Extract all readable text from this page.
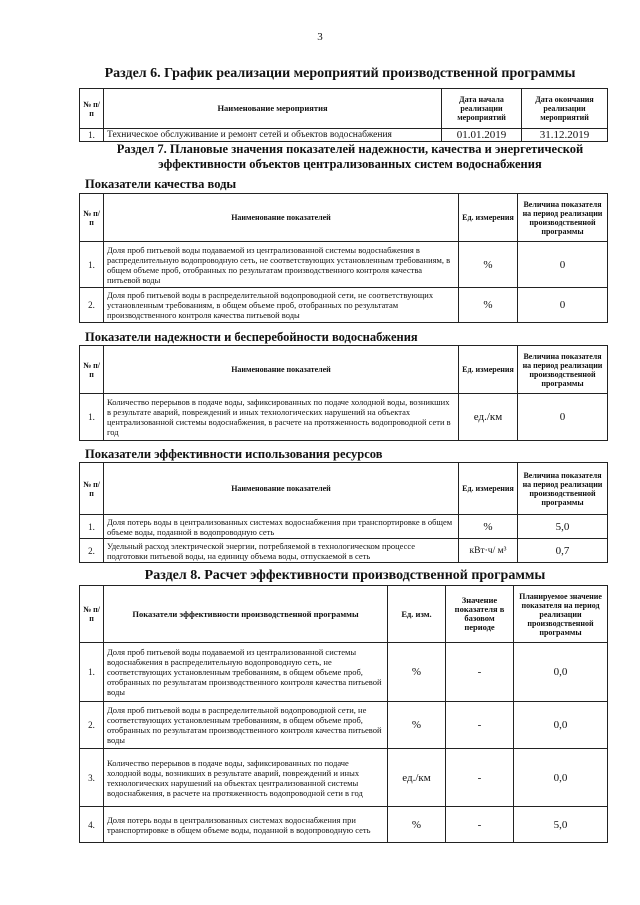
3
Раздел 6. График реализации мероприятий производственной программы
№ п/п	Наименование мероприятия	Дата начала реализации мероприятий	Дата окончания реализации мероприятий
1.	Техническое обслуживание и ремонт сетей и объектов водоснабжения	01.01.2019	31.12.2019
Раздел 7. Плановые значения показателей надежности, качества и энергетической эффективности объектов централизованных систем водоснабжения
Показатели качества воды
№ п/п	Наименование показателей	Ед. измерения	Величина показателя на период реализации производственной программы
1.	Доля проб питьевой воды подаваемой из централизованной системы водоснабжения в распределительную водопроводную сеть, не соответствующих установленным требованиям, в общем объеме проб, отобранных по результатам производственного контроля качества питьевой воды	%	0
2.	Доля проб питьевой воды в распределительной водопроводной сети, не соответствующих установленным требованиям, в общем объеме проб, отобранных по результатам производственного контроля качества питьевой воды	%	0
Показатели надежности и бесперебойности водоснабжения
№ п/п	Наименование показателей	Ед. измерения	Величина показателя на период реализации производственной программы
1.	Количество перерывов в подаче воды, зафиксированных по подаче холодной воды, возникших в результате аварий, повреждений и иных технологических нарушений на объектах централизованной системы водоснабжения, в расчете на протяженность водопроводной сети в год	ед./км	0
Показатели эффективности использования ресурсов
№ п/п	Наименование показателей	Ед. измерения	Величина показателя на период реализации производственной программы
1.	Доля потерь воды в централизованных системах водоснабжения при транспортировке в общем объеме воды, поданной в водопроводную сеть	%	5,0
2.	Удельный расход электрической энергии, потребляемой в технологическом процессе подготовки питьевой воды, на единицу объема воды, отпускаемой в сеть	кВт·ч/ м³	0,7
Раздел 8. Расчет эффективности производственной программы
№ п/п	Показатели эффективности производственной программы	Ед. изм.	Значение показателя в базовом периоде	Планируемое значение показателя на период реализации производственной программы
1.	Доля проб питьевой воды подаваемой из централизованной системы водоснабжения в распределительную водопроводную сеть, не соответствующих установленным требованиям, в общем объеме проб, отобранных по результатам производственного контроля качества питьевой воды	%	-	0,0
2.	Доля проб питьевой воды в распределительной водопроводной сети, не соответствующих установленным требованиям, в общем объеме проб, отобранных по результатам производственного контроля качества питьевой воды	%	-	0,0
3.	Количество перерывов в подаче воды, зафиксированных по подаче холодной воды, возникших в результате аварий, повреждений и иных технологических нарушений на объектах централизованной системы водоснабжения, в расчете на протяженность водопроводной сети в год	ед./км	-	0,0
4.	Доля потерь воды в централизованных системах водоснабжения при транспортировке в общем объеме воды, поданной в водопроводную сеть	%	-	5,0
